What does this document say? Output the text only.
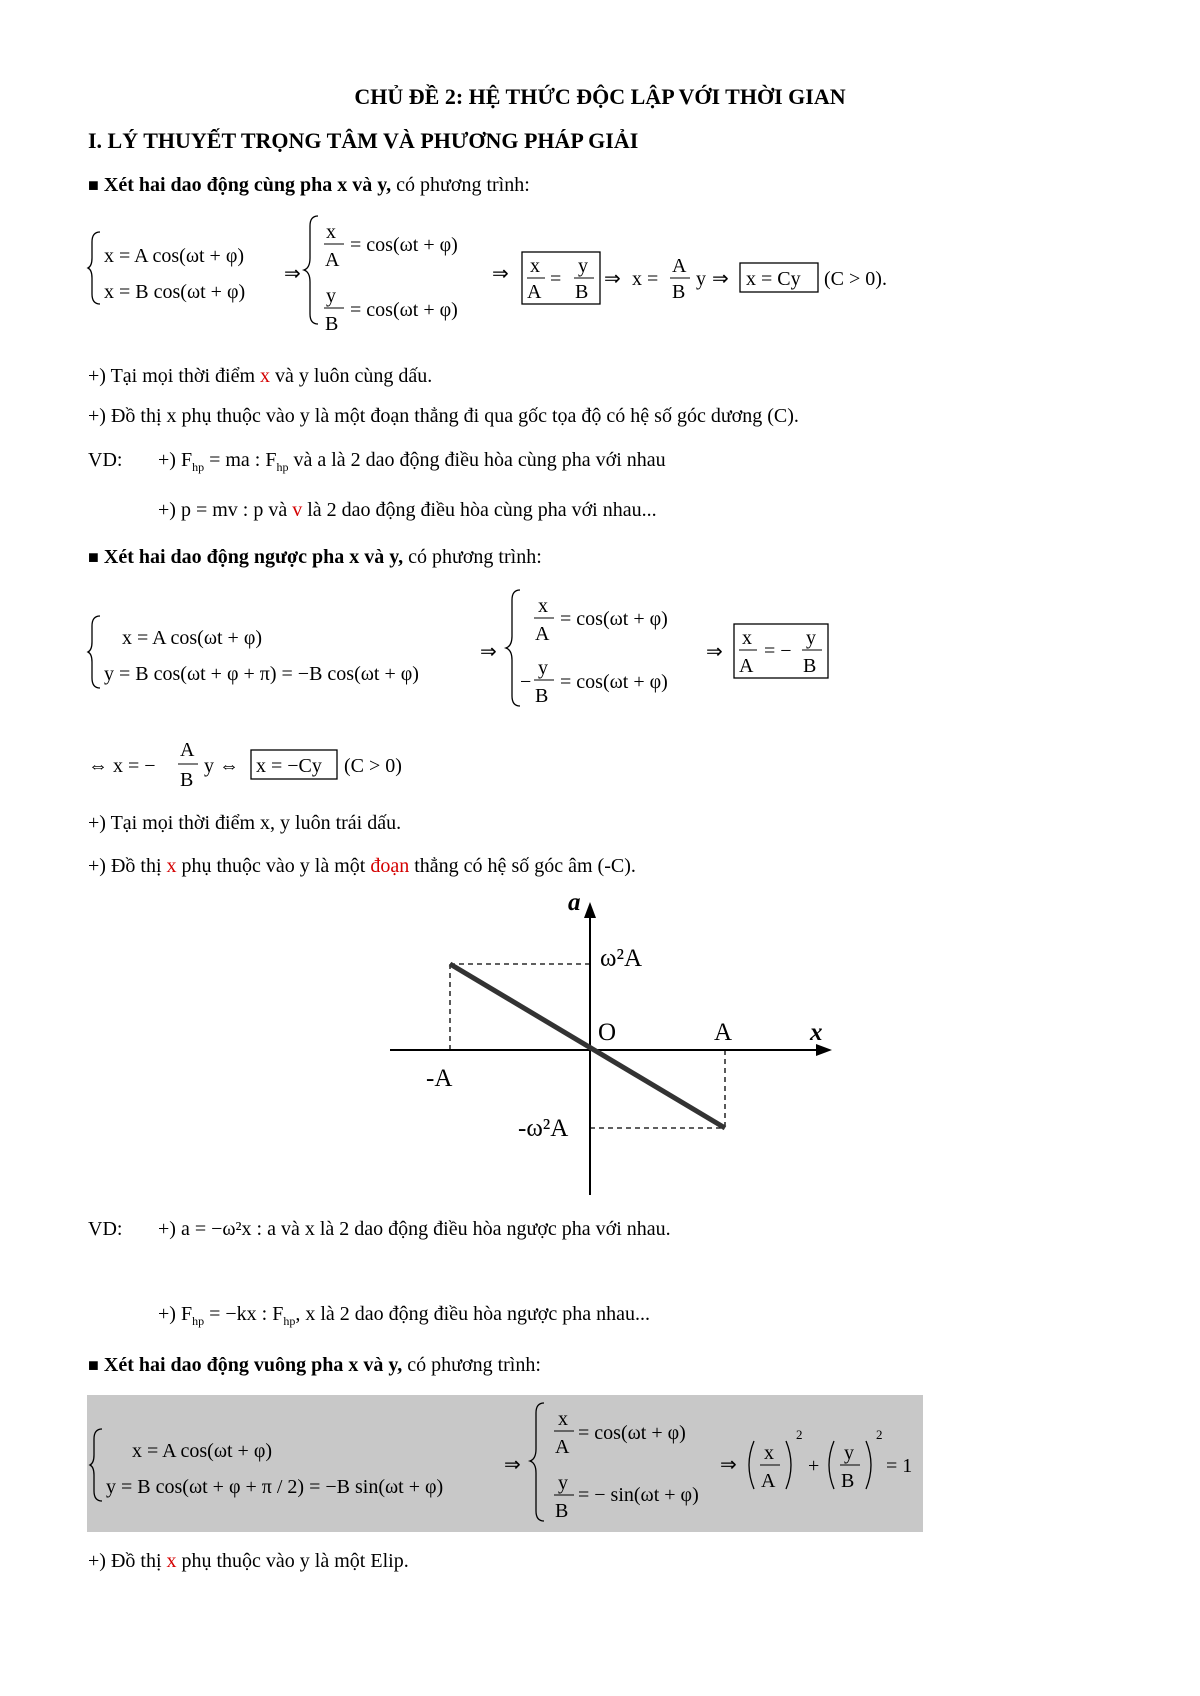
CHỦ ĐỀ 2: HỆ THỨC ĐỘC LẬP VỚI THỜI GIAN
I. LÝ THUYẾT TRỌNG TÂM VÀ PHƯƠNG PHÁP GIẢI
■ Xét hai dao động cùng pha x và y, có phương trình:
x = A cos(ωt + φ)
x = B cos(ωt + φ)
⇒
x
A
= cos(ωt + φ)
y
B
= cos(ωt + φ)
⇒ x
A
=
y
B
⇒ x =
A
B
y ⇒ x = Cy (C > 0).
+) Tại mọi thời điểm x và y luôn cùng dấu.
+) Đồ thị x phụ thuộc vào y là một đoạn thẳng đi qua gốc tọa độ có hệ số góc dương (C).
VD: +) $F_{hp}$ = ma : $F_{hp}$ và a là 2 dao động điều hòa cùng pha với nhau
+) p = mv : p và v là 2 dao động điều hòa cùng pha với nhau...
■ Xét hai dao động ngược pha x và y, có phương trình:
x = A cos(ωt + φ)
y = B cos(ωt + φ + π) = −B cos(ωt + φ)
⇒
x
A
= cos(ωt + φ)
−
y
B
= cos(ωt + φ)
⇒
x
A
= −
y
B
⇔ x = −
A
B
y ⇔ x = −Cy (C > 0)
+) Tại mọi thời điểm x, y luôn trái dấu.
+) Đồ thị x phụ thuộc vào y là một đoạn thẳng có hệ số góc âm (-C).
a
x
O	A
-A
ω²A
-ω²A
VD: +) a = −ω²x : a và x là 2 dao động điều hòa ngược pha với nhau.
+) $F_{hp} = -kx$ : $F_{hp}$, x là 2 dao động điều hòa ngược pha nhau...
■ Xét hai dao động vuông pha x và y, có phương trình:
x = A cos(ωt + φ)
y = B cos(ωt + φ + π / 2) = −B sin(ωt + φ)
⇒
x
A
= cos(ωt + φ)
y
B
= − sin(ωt + φ)
⇒
x
A
2
+
y
B
2
= 1
+) Đồ thị x phụ thuộc vào y là một Elip.
